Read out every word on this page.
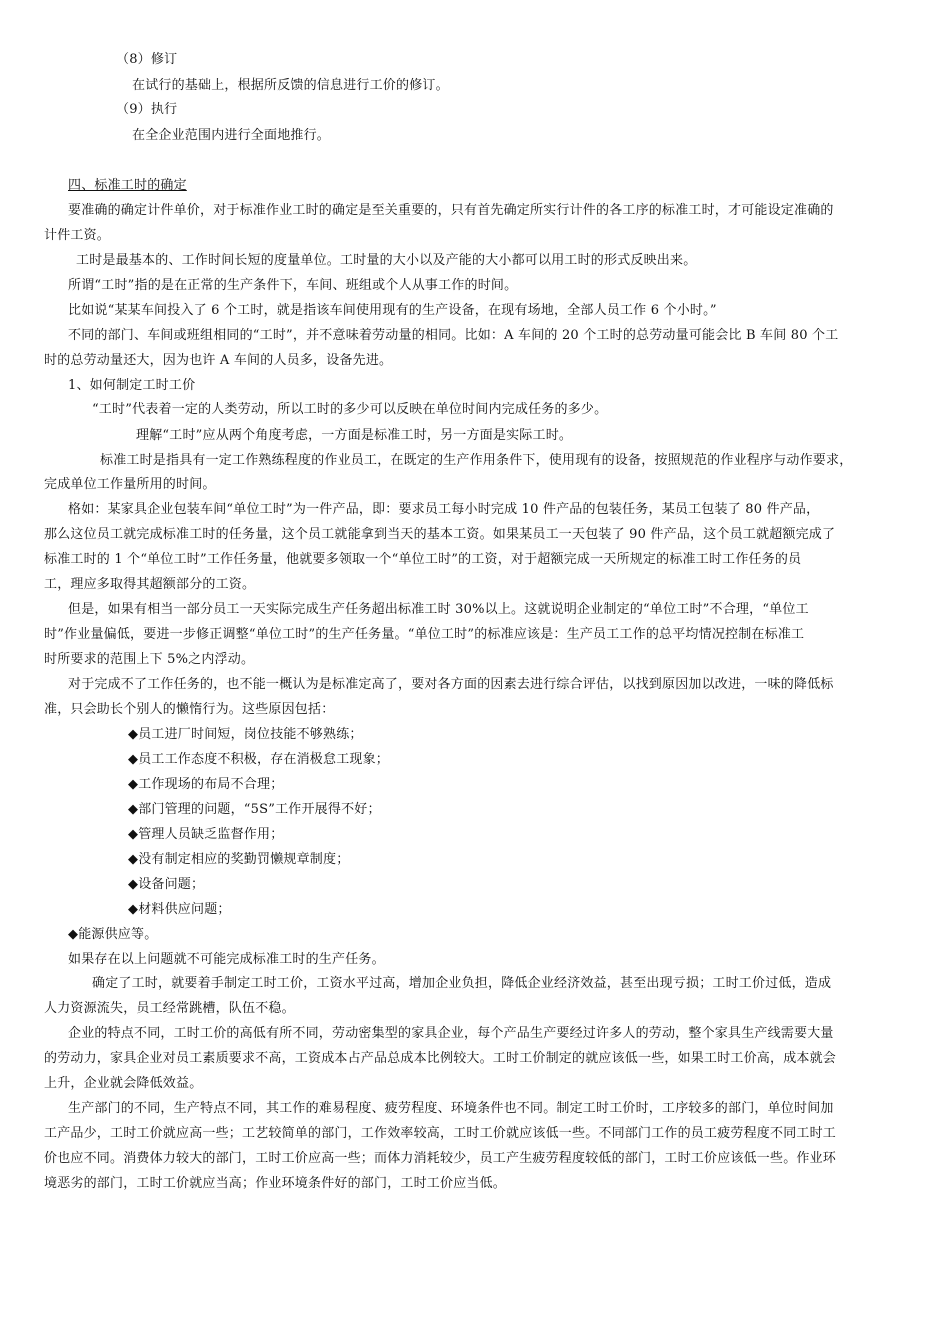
（8）修订
在试行的基础上，根据所反馈的信息进行工价的修订。
（9）执行
在全企业范围内进行全面地推行。
四、标准工时的确定
要准确的确定计件单价，对于标准作业工时的确定是至关重要的，只有首先确定所实行计件的各工序的标准工时，才可能设定准确的
计件工资。
工时是最基本的、工作时间长短的度量单位。工时量的大小以及产能的大小都可以用工时的形式反映出来。
所谓“工时”指的是在正常的生产条件下，车间、班组或个人从事工作的时间。
比如说“某某车间投入了 6 个工时，就是指该车间使用现有的生产设备，在现有场地，全部人员工作 6 个小时。”
不同的部门、车间或班组相同的“工时”，并不意味着劳动量的相同。比如：A 车间的 20 个工时的总劳动量可能会比 B 车间 80 个工
时的总劳动量还大，因为也许 A 车间的人员多，设备先进。
1、如何制定工时工价
“工时”代表着一定的人类劳动，所以工时的多少可以反映在单位时间内完成任务的多少。
理解“工时”应从两个角度考虑，一方面是标准工时，另一方面是实际工时。
标准工时是指具有一定工作熟练程度的作业员工，在既定的生产作用条件下，使用现有的设备，按照规范的作业程序与动作要求，
完成单位工作量所用的时间。
格如：某家具企业包装车间“单位工时”为一件产品，即：要求员工每小时完成 10 件产品的包装任务，某员工包装了 80 件产品，
那么这位员工就完成标准工时的任务量，这个员工就能拿到当天的基本工资。如果某员工一天包装了 90 件产品，这个员工就超额完成了
标准工时的 1 个“单位工时”工作任务量，他就要多领取一个“单位工时”的工资，对于超额完成一天所规定的标准工时工作任务的员
工，理应多取得其超额部分的工资。
但是，如果有相当一部分员工一天实际完成生产任务超出标准工时 30%以上。这就说明企业制定的“单位工时”不合理，“单位工
时”作业量偏低，要进一步修正调整“单位工时”的生产任务量。“单位工时”的标准应该是：生产员工工作的总平均情况控制在标准工
时所要求的范围上下 5%之内浮动。
对于完成不了工作任务的，也不能一概认为是标准定高了，要对各方面的因素去进行综合评估，以找到原因加以改进，一味的降低标
准，只会助长个别人的懒惰行为。这些原因包括：
◆员工进厂时间短，岗位技能不够熟练；
◆员工工作态度不积极，存在消极怠工现象；
◆工作现场的布局不合理；
◆部门管理的问题，“5S”工作开展得不好；
◆管理人员缺乏监督作用；
◆没有制定相应的奖勤罚懒规章制度；
◆设备问题；
◆材料供应问题；
◆能源供应等。
如果存在以上问题就不可能完成标准工时的生产任务。
确定了工时，就要着手制定工时工价，工资水平过高，增加企业负担，降低企业经济效益，甚至出现亏损；工时工价过低，造成
人力资源流失，员工经常跳槽，队伍不稳。
企业的特点不同，工时工价的高低有所不同，劳动密集型的家具企业，每个产品生产要经过许多人的劳动，整个家具生产线需要大量
的劳动力，家具企业对员工素质要求不高，工资成本占产品总成本比例较大。工时工价制定的就应该低一些，如果工时工价高，成本就会
上升，企业就会降低效益。
生产部门的不同，生产特点不同，其工作的难易程度、疲劳程度、环境条件也不同。制定工时工价时，工序较多的部门，单位时间加
工产品少，工时工价就应高一些；工艺较简单的部门，工作效率较高，工时工价就应该低一些。不同部门工作的员工疲劳程度不同工时工
价也应不同。消费体力较大的部门，工时工价应高一些；而体力消耗较少，员工产生疲劳程度较低的部门，工时工价应该低一些。作业环
境恶劣的部门，工时工价就应当高；作业环境条件好的部门，工时工价应当低。
